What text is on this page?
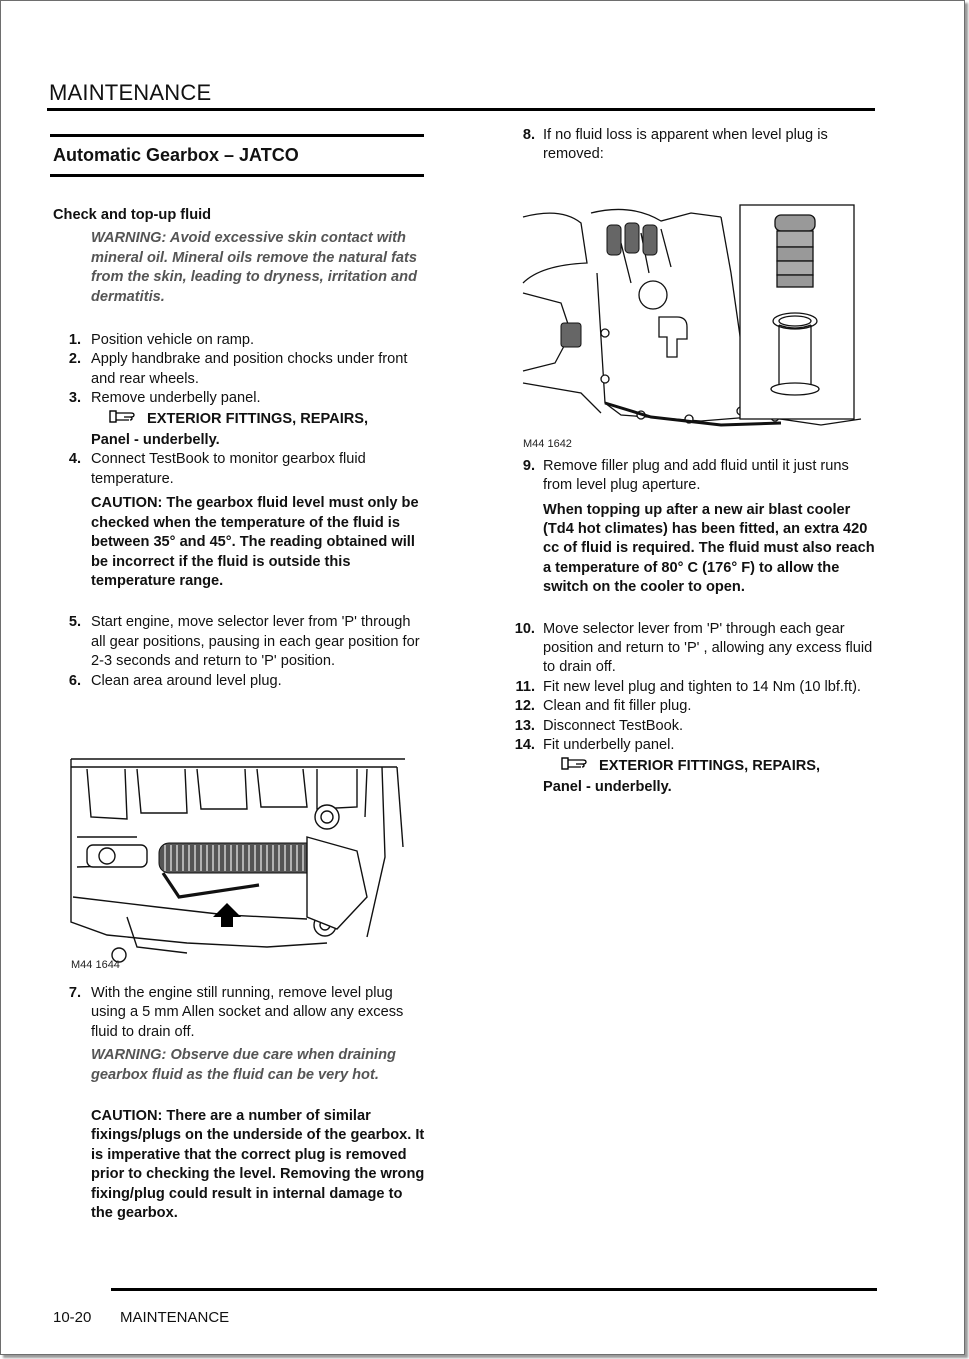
MAINTENANCE
Automatic Gearbox – JATCO
Check and top-up fluid
WARNING: Avoid excessive skin contact with mineral oil. Mineral oils remove the natural fats from the skin, leading to dryness, irritation and dermatitis.
1. Position vehicle on ramp.
2. Apply handbrake and position chocks under front and rear wheels.
3. Remove underbelly panel.
EXTERIOR FITTINGS, REPAIRS,
Panel - underbelly.
4. Connect TestBook to monitor gearbox fluid temperature.
CAUTION: The gearbox fluid level must only be checked when the temperature of the fluid is between 35° and 45°. The reading obtained will be incorrect if the fluid is outside this temperature range.
5. Start engine, move selector lever from 'P' through all gear positions, pausing in each gear position for 2-3 seconds and return to 'P' position.
6. Clean area around level plug.
M44 1644
7. With the engine still running, remove level plug using a 5 mm Allen socket and allow any excess fluid to drain off.
WARNING: Observe due care when draining gearbox fluid as the fluid can be very hot.
CAUTION: There are a number of similar fixings/plugs on the underside of the gearbox. It is imperative that the correct plug is removed prior to checking the level. Removing the wrong fixing/plug could result in internal damage to the gearbox.
8. If no fluid loss is apparent when level plug is removed:
M44 1642
9. Remove filler plug and add fluid until it just runs from level plug aperture.
When topping up after a new air blast cooler (Td4 hot climates) has been fitted, an extra 420 cc of fluid is required. The fluid must also reach a temperature of 80° C (176° F) to allow the switch on the cooler to open.
10. Move selector lever from 'P' through each gear position and return to 'P' , allowing any excess fluid to drain off.
11. Fit new level plug and tighten to 14 Nm (10 lbf.ft).
12. Clean and fit filler plug.
13. Disconnect TestBook.
14. Fit underbelly panel.
EXTERIOR FITTINGS, REPAIRS,
Panel - underbelly.
10-20 MAINTENANCE
